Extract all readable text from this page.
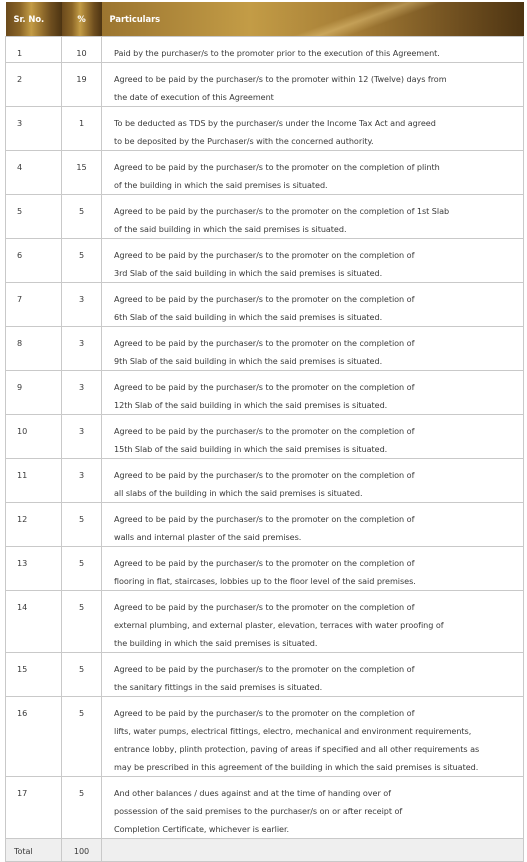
Sr. No.	%	Particulars
1	10	Paid by the purchaser/s to the promoter prior to the execution of this Agreement.

2	19	Agreed to be paid by the purchaser/s to the promoter within 12 (Twelve) days from
the date of execution of this Agreement

3	1	To be deducted as TDS by the purchaser/s under the Income Tax Act and agreed
to be deposited by the Purchaser/s with the concerned authority.

4	15	Agreed to be paid by the purchaser/s to the promoter on the completion of plinth
of the building in which the said premises is situated.

5	5	Agreed to be paid by the purchaser/s to the promoter on the completion of 1st Slab
of the said building in which the said premises is situated.

6	5	Agreed to be paid by the purchaser/s to the promoter on the completion of
3rd Slab of the said building in which the said premises is situated.

7	3	Agreed to be paid by the purchaser/s to the promoter on the completion of
6th Slab of the said building in which the said premises is situated.

8	3	Agreed to be paid by the purchaser/s to the promoter on the completion of
9th Slab of the said building in which the said premises is situated.

9	3	Agreed to be paid by the purchaser/s to the promoter on the completion of
12th Slab of the said building in which the said premises is situated.

10	3	Agreed to be paid by the purchaser/s to the promoter on the completion of
15th Slab of the said building in which the said premises is situated.

11	3	Agreed to be paid by the purchaser/s to the promoter on the completion of
all slabs of the building in which the said premises is situated.

12	5	Agreed to be paid by the purchaser/s to the promoter on the completion of
walls and internal plaster of the said premises.

13	5	Agreed to be paid by the purchaser/s to the promoter on the completion of
flooring in flat, staircases, lobbies up to the floor level of the said premises.

14	5	Agreed to be paid by the purchaser/s to the promoter on the completion of
external plumbing, and external plaster, elevation, terraces with water proofing of
the building in which the said premises is situated.

15	5	Agreed to be paid by the purchaser/s to the promoter on the completion of
the sanitary fittings in the said premises is situated.

16	5	Agreed to be paid by the purchaser/s to the promoter on the completion of
lifts, water pumps, electrical fittings, electro, mechanical and environment requirements,
entrance lobby, plinth protection, paving of areas if specified and all other requirements as
may be prescribed in this agreement of the building in which the said premises is situated.

17	5	And other balances / dues against and at the time of handing over of
possession of the said premises to the purchaser/s on or after receipt of
Completion Certificate, whichever is earlier.

Total	100	
